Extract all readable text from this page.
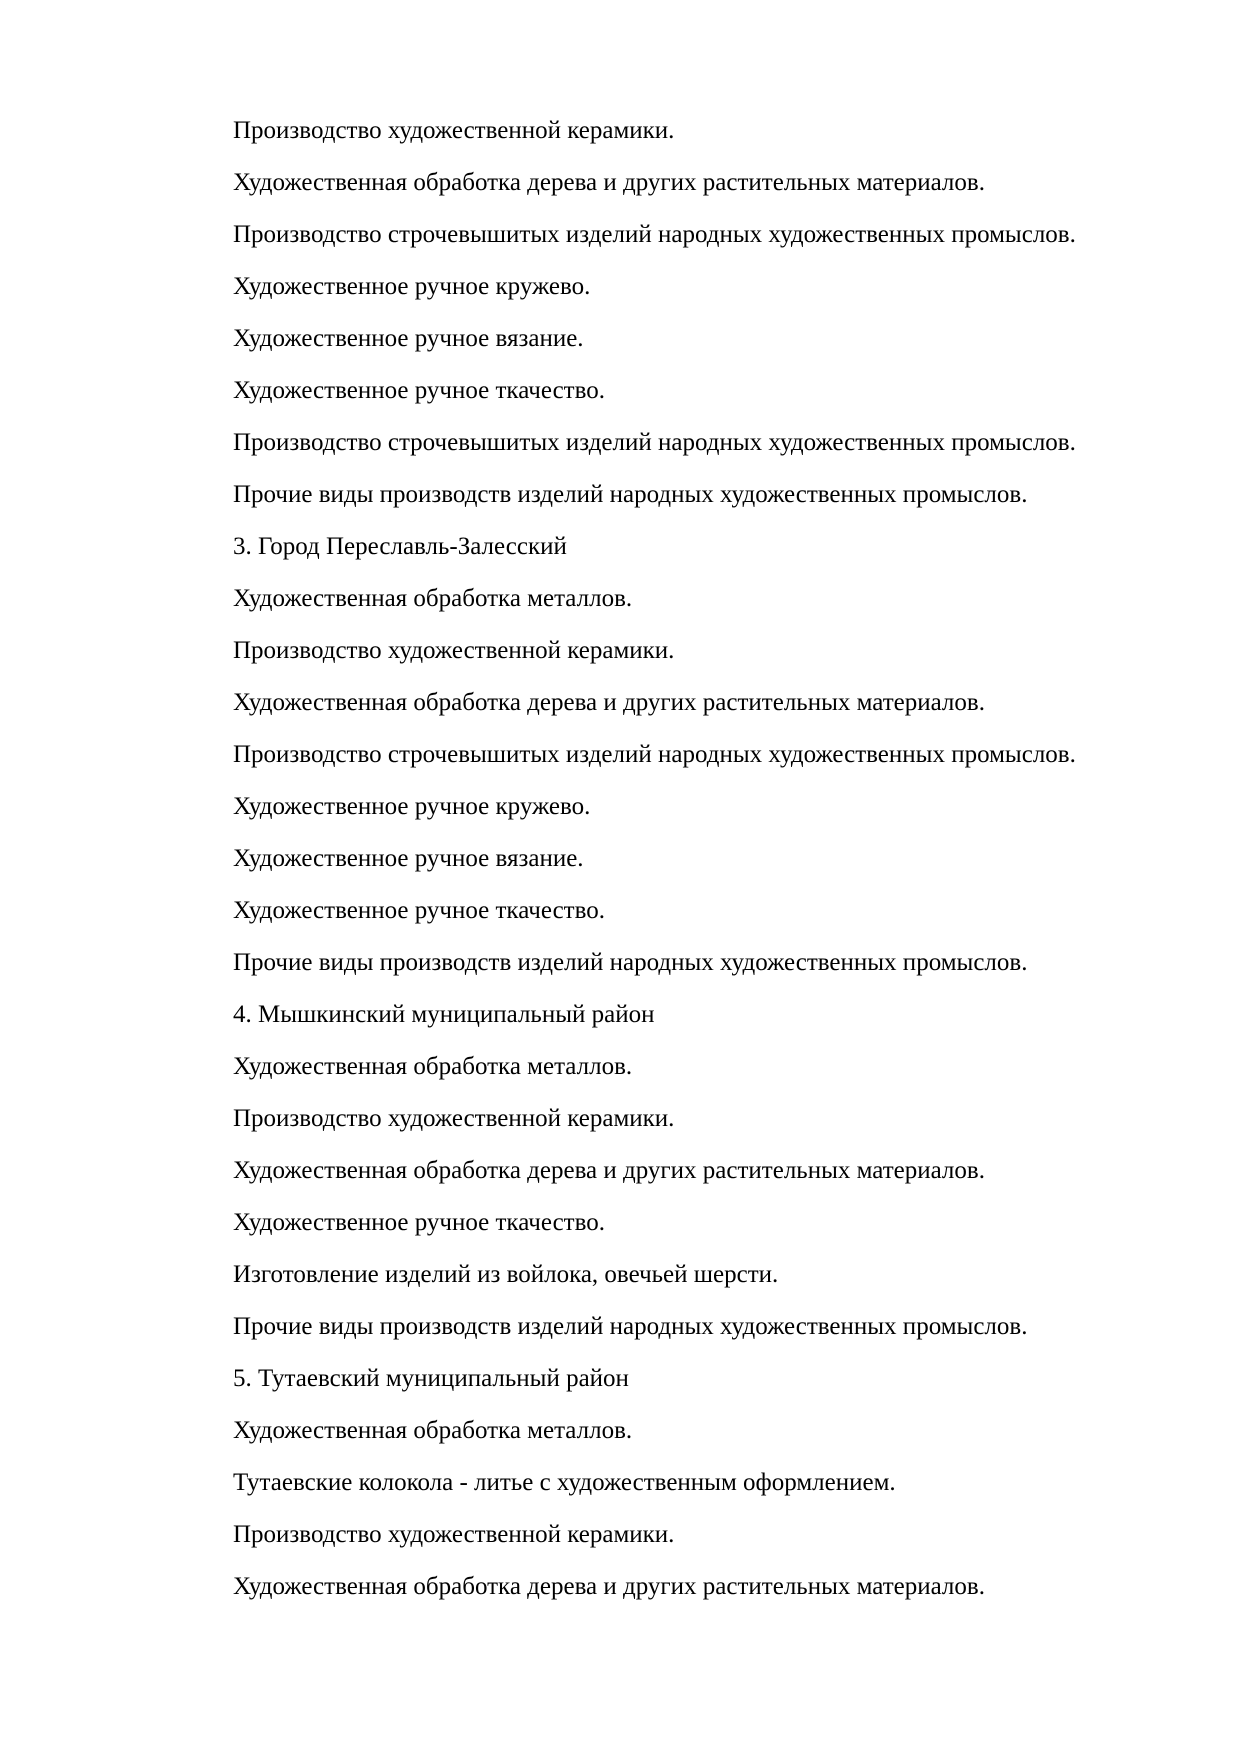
Производство художественной керамики.

Художественная обработка дерева и других растительных материалов.

Производство строчевышитых изделий народных художественных промыслов.

Художественное ручное кружево.

Художественное ручное вязание.

Художественное ручное ткачество.

Производство строчевышитых изделий народных художественных промыслов.

Прочие виды производств изделий народных художественных промыслов.

3. Город Переславль-Залесский

Художественная обработка металлов.

Производство художественной керамики.

Художественная обработка дерева и других растительных материалов.

Производство строчевышитых изделий народных художественных промыслов.

Художественное ручное кружево.

Художественное ручное вязание.

Художественное ручное ткачество.

Прочие виды производств изделий народных художественных промыслов.

4. Мышкинский муниципальный район

Художественная обработка металлов.

Производство художественной керамики.

Художественная обработка дерева и других растительных материалов.

Художественное ручное ткачество.

Изготовление изделий из войлока, овечьей шерсти.

Прочие виды производств изделий народных художественных промыслов.

5. Тутаевский муниципальный район

Художественная обработка металлов.

Тутаевские колокола - литье с художественным оформлением.

Производство художественной керамики.

Художественная обработка дерева и других растительных материалов.
